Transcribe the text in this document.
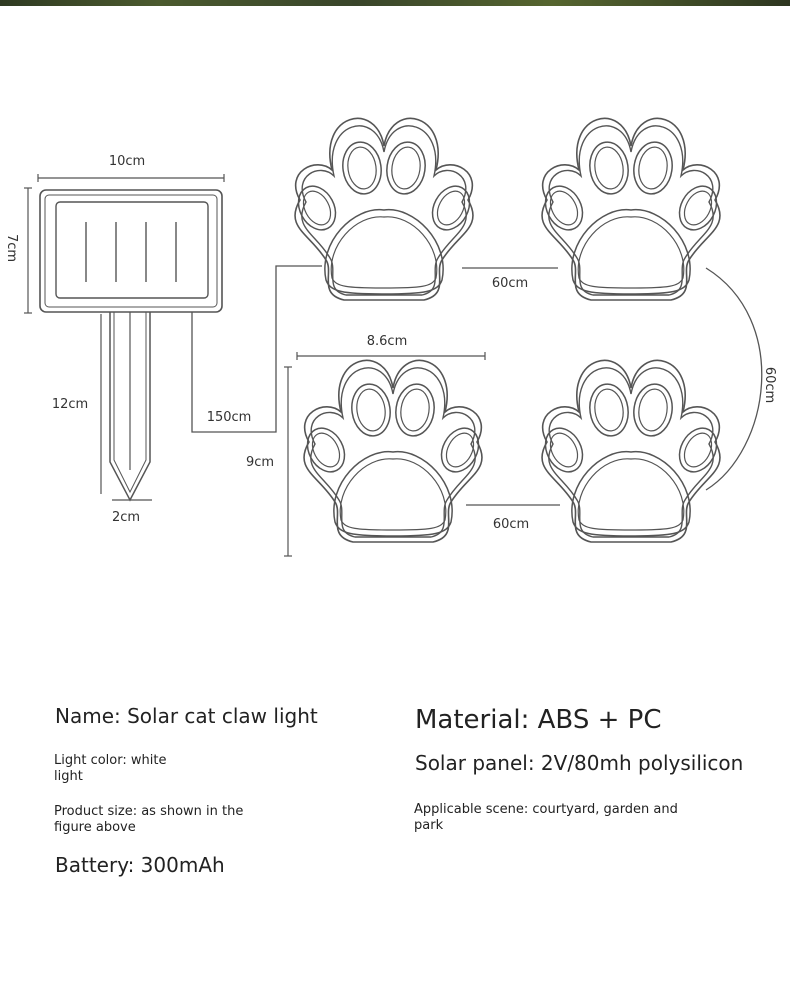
10cm
7cm
12cm
2cm
150cm
8.6cm
9cm
60cm
60cm
60cm

Name: Solar cat claw light

Light color: white
light

Product size: as shown in the
figure above

Battery: 300mAh

Material: ABS + PC

Solar panel: 2V/80mh polysilicon

Applicable scene: courtyard, garden and
park
